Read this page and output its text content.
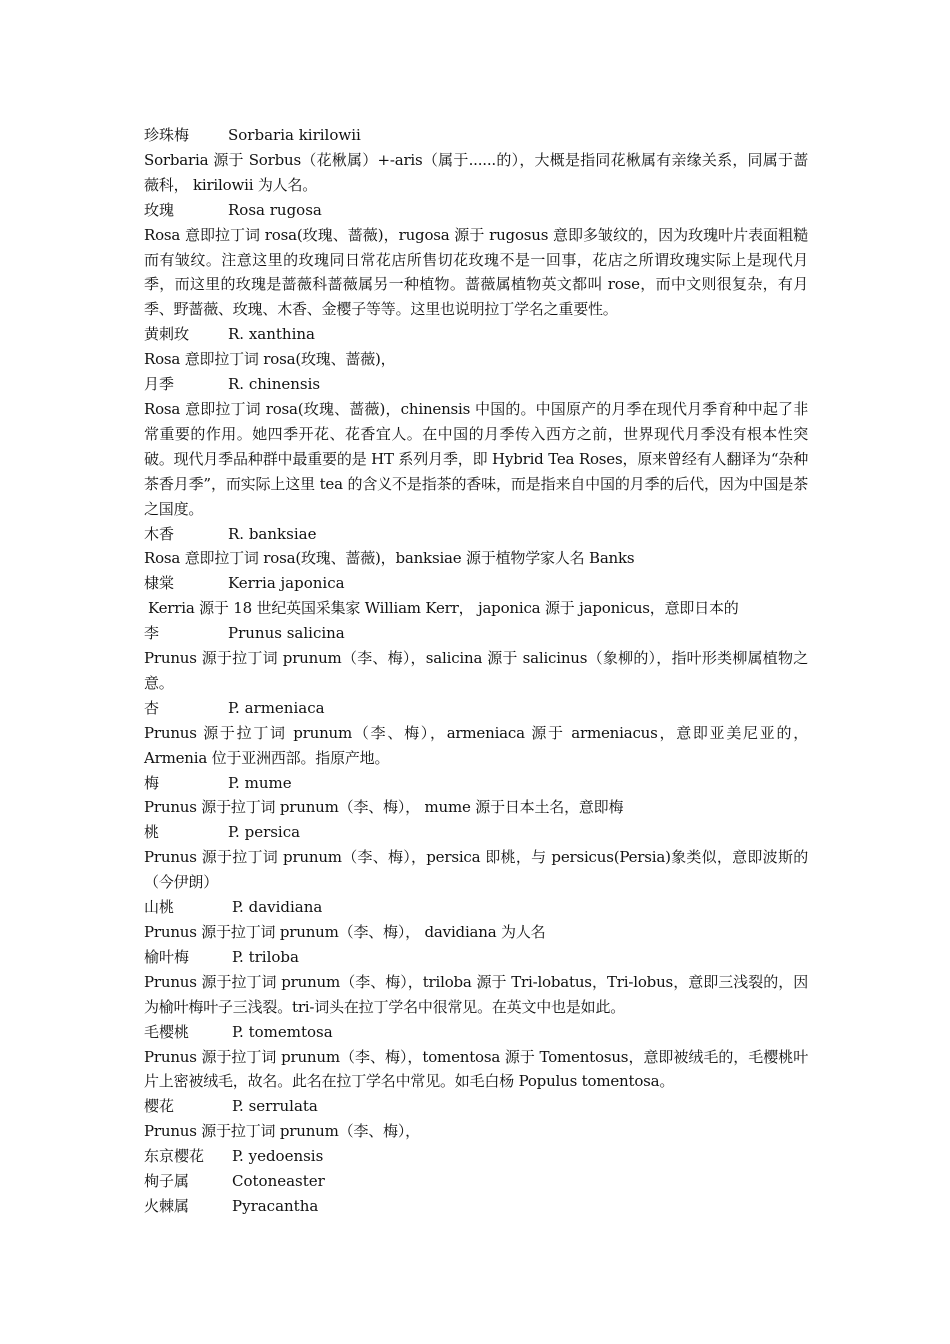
珍珠梅	Sorbaria kirilowii
Sorbaria 源于 Sorbus（花楸属）+-aris（属于......的），大概是指同花楸属有亲缘关系，同属于蔷薇科， kirilowii 为人名。
玫瑰	Rosa rugosa
Rosa 意即拉丁词 rosa(玫瑰、蔷薇)，rugosa 源于 rugosus 意即多皱纹的，因为玫瑰叶片表面粗糙而有皱纹。注意这里的玫瑰同日常花店所售切花玫瑰不是一回事，花店之所谓玫瑰实际上是现代月季，而这里的玫瑰是蔷薇科蔷薇属另一种植物。蔷薇属植物英文都叫 rose，而中文则很复杂，有月季、野蔷薇、玫瑰、木香、金樱子等等。这里也说明拉丁学名之重要性。
黄刺玫	R. xanthina
Rosa 意即拉丁词 rosa(玫瑰、蔷薇)，
月季	R. chinensis
Rosa 意即拉丁词 rosa(玫瑰、蔷薇)，chinensis 中国的。中国原产的月季在现代月季育种中起了非常重要的作用。她四季开花、花香宜人。在中国的月季传入西方之前，世界现代月季没有根本性突破。现代月季品种群中最重要的是 HT 系列月季，即 Hybrid Tea Roses，原来曾经有人翻译为“杂种茶香月季”，而实际上这里 tea 的含义不是指茶的香味，而是指来自中国的月季的后代，因为中国是茶之国度。
木香	R. banksiae
Rosa 意即拉丁词 rosa(玫瑰、蔷薇)，banksiae 源于植物学家人名 Banks
棣棠	Kerria japonica
Kerria 源于 18 世纪英国采集家 William Kerr， japonica 源于 japonicus，意即日本的
李	Prunus salicina
Prunus 源于拉丁词 prunum（李、梅），salicina 源于 salicinus（象柳的），指叶形类柳属植物之意。
杏	P. armeniaca
Prunus 源于拉丁词 prunum（李、梅），armeniaca 源于 armeniacus，意即亚美尼亚的，Armenia 位于亚洲西部。指原产地。
梅	P. mume
Prunus 源于拉丁词 prunum（李、梅）， mume 源于日本土名，意即梅
桃	P. persica
Prunus 源于拉丁词 prunum（李、梅），persica 即桃，与 persicus(Persia)象类似，意即波斯的（今伊朗）
山桃	P. davidiana
Prunus 源于拉丁词 prunum（李、梅）， davidiana 为人名
榆叶梅	P. triloba
Prunus 源于拉丁词 prunum（李、梅），triloba 源于 Tri-lobatus，Tri-lobus，意即三浅裂的，因为榆叶梅叶子三浅裂。tri-词头在拉丁学名中很常见。在英文中也是如此。
毛樱桃	P. tomemtosa
Prunus 源于拉丁词 prunum（李、梅），tomentosa 源于 Tomentosus，意即被绒毛的，毛樱桃叶片上密被绒毛，故名。此名在拉丁学名中常见。如毛白杨 Populus tomentosa。
樱花	P. serrulata
Prunus 源于拉丁词 prunum（李、梅），
东京樱花	P. yedoensis
栒子属	Cotoneaster
火棘属	Pyracantha
